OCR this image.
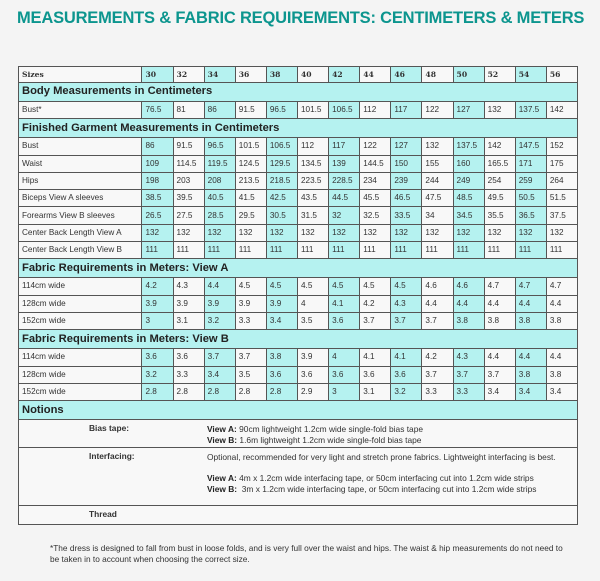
MEASUREMENTS & FABRIC REQUIREMENTS: CENTIMETERS & METERS
Sizes	30	32	34	36	38	40	42	44	46	48	50	52	54	56
Body Measurements in Centimeters														
Bust*	76.5	81	86	91.5	96.5	101.5	106.5	112	117	122	127	132	137.5	142
Finished Garment Measurements in Centimeters														
Bust	86	91.5	96.5	101.5	106.5	112	117	122	127	132	137.5	142	147.5	152
Waist	109	114.5	119.5	124.5	129.5	134.5	139	144.5	150	155	160	165.5	171	175
Hips	198	203	208	213.5	218.5	223.5	228.5	234	239	244	249	254	259	264
Biceps View A sleeves	38.5	39.5	40.5	41.5	42.5	43.5	44.5	45.5	46.5	47.5	48.5	49.5	50.5	51.5
Forearms View B sleeves	26.5	27.5	28.5	29.5	30.5	31.5	32	32.5	33.5	34	34.5	35.5	36.5	37.5
Center Back Length View A	132	132	132	132	132	132	132	132	132	132	132	132	132	132
Center Back Length View B	111	111	111	111	111	111	111	111	111	111	111	111	111	111
Fabric Requirements in Meters: View A														
114cm wide	4.2	4.3	4.4	4.5	4.5	4.5	4.5	4.5	4.5	4.6	4.6	4.7	4.7	4.7
128cm wide	3.9	3.9	3.9	3.9	3.9	4	4.1	4.2	4.3	4.4	4.4	4.4	4.4	4.4
152cm wide	3	3.1	3.2	3.3	3.4	3.5	3.6	3.7	3.7	3.7	3.8	3.8	3.8	3.8
Fabric Requirements in Meters: View B														
114cm wide	3.6	3.6	3.7	3.7	3.8	3.9	4	4.1	4.1	4.2	4.3	4.4	4.4	4.4
128cm wide	3.2	3.3	3.4	3.5	3.6	3.6	3.6	3.6	3.6	3.7	3.7	3.7	3.8	3.8
152cm wide	2.8	2.8	2.8	2.8	2.8	2.9	3	3.1	3.2	3.3	3.3	3.4	3.4	3.4
Notions														

Bias tape: View A: 90cm lightweight 1.2cm wide single-fold bias tape
View B: 1.6m lightweight 1.2cm wide single-fold bias tape														

Interfacing: Optional, recommended for very light and stretch prone fabrics. Lightweight interfacing is best.
View A: 4m x 1.2cm wide interfacing tape, or 50cm interfacing cut into 1.2cm wide strips
View B:  3m x 1.2cm wide interfacing tape, or 50cm interfacing cut into 1.2cm wide strips														

Thread														
*The dress is designed to fall from bust in loose folds, and is very full over the waist and hips. The waist & hip measurements do not need to be taken in to account when choosing the correct size.
